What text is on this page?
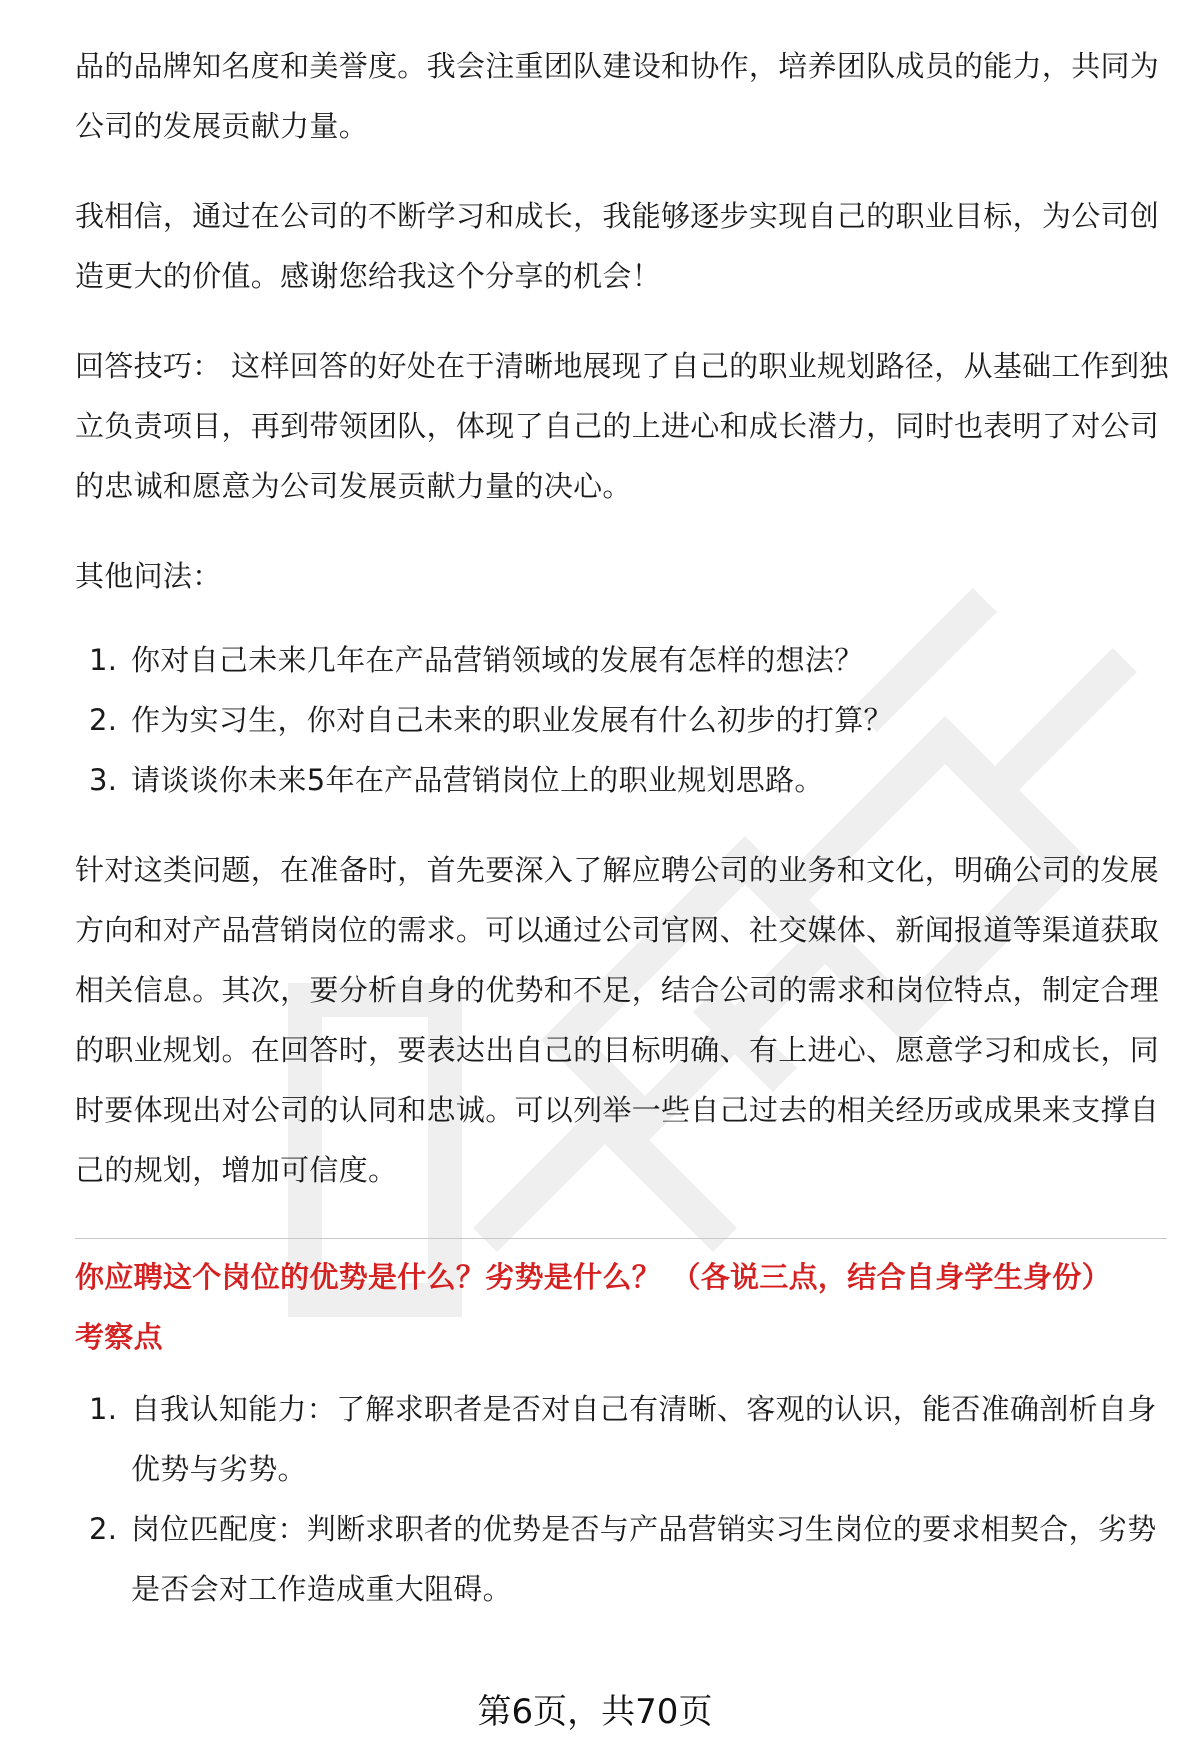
品的品牌知名度和美誉度。我会注重团队建设和协作，培养团队成员的能力，共同为公司的发展贡献力量。

我相信，通过在公司的不断学习和成长，我能够逐步实现自己的职业目标，为公司创造更大的价值。感谢您给我这个分享的机会！

回答技巧： 这样回答的好处在于清晰地展现了自己的职业规划路径，从基础工作到独立负责项目，再到带领团队，体现了自己的上进心和成长潜力，同时也表明了对公司的忠诚和愿意为公司发展贡献力量的决心。

其他问法：

1. 你对自己未来几年在产品营销领域的发展有怎样的想法？
2. 作为实习生，你对自己未来的职业发展有什么初步的打算？
3. 请谈谈你未来5年在产品营销岗位上的职业规划思路。

针对这类问题，在准备时，首先要深入了解应聘公司的业务和文化，明确公司的发展方向和对产品营销岗位的需求。可以通过公司官网、社交媒体、新闻报道等渠道获取相关信息。其次，要分析自身的优势和不足，结合公司的需求和岗位特点，制定合理的职业规划。在回答时，要表达出自己的目标明确、有上进心、愿意学习和成长，同时要体现出对公司的认同和忠诚。可以列举一些自己过去的相关经历或成果来支撑自己的规划，增加可信度。

你应聘这个岗位的优势是什么？劣势是什么？ （各说三点，结合自身学生身份）

考察点

1. 自我认知能力：了解求职者是否对自己有清晰、客观的认识，能否准确剖析自身优势与劣势。
2. 岗位匹配度：判断求职者的优势是否与产品营销实习生岗位的要求相契合，劣势是否会对工作造成重大阻碍。
第6页，共70页
